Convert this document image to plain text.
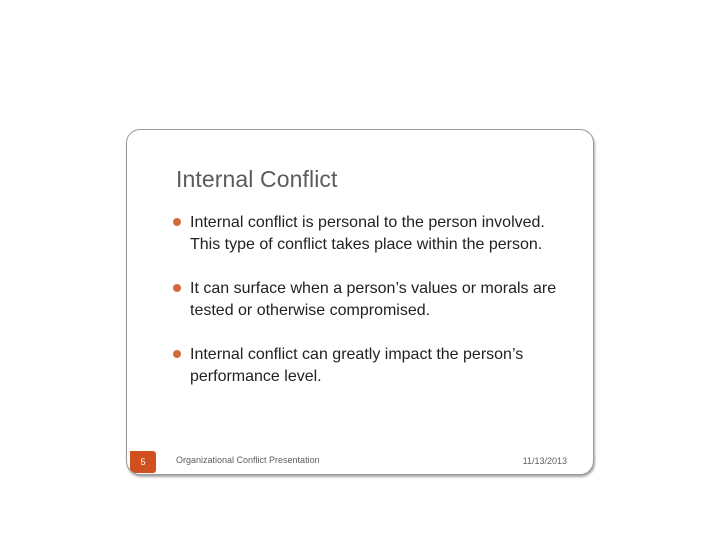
Internal Conflict
Internal conflict is personal to the person involved. This type of conflict takes place within the person.
It can surface when a person’s values or morals are tested or otherwise compromised.
Internal conflict can greatly impact the person’s performance level.
5	Organizational Conflict Presentation	11/13/2013
